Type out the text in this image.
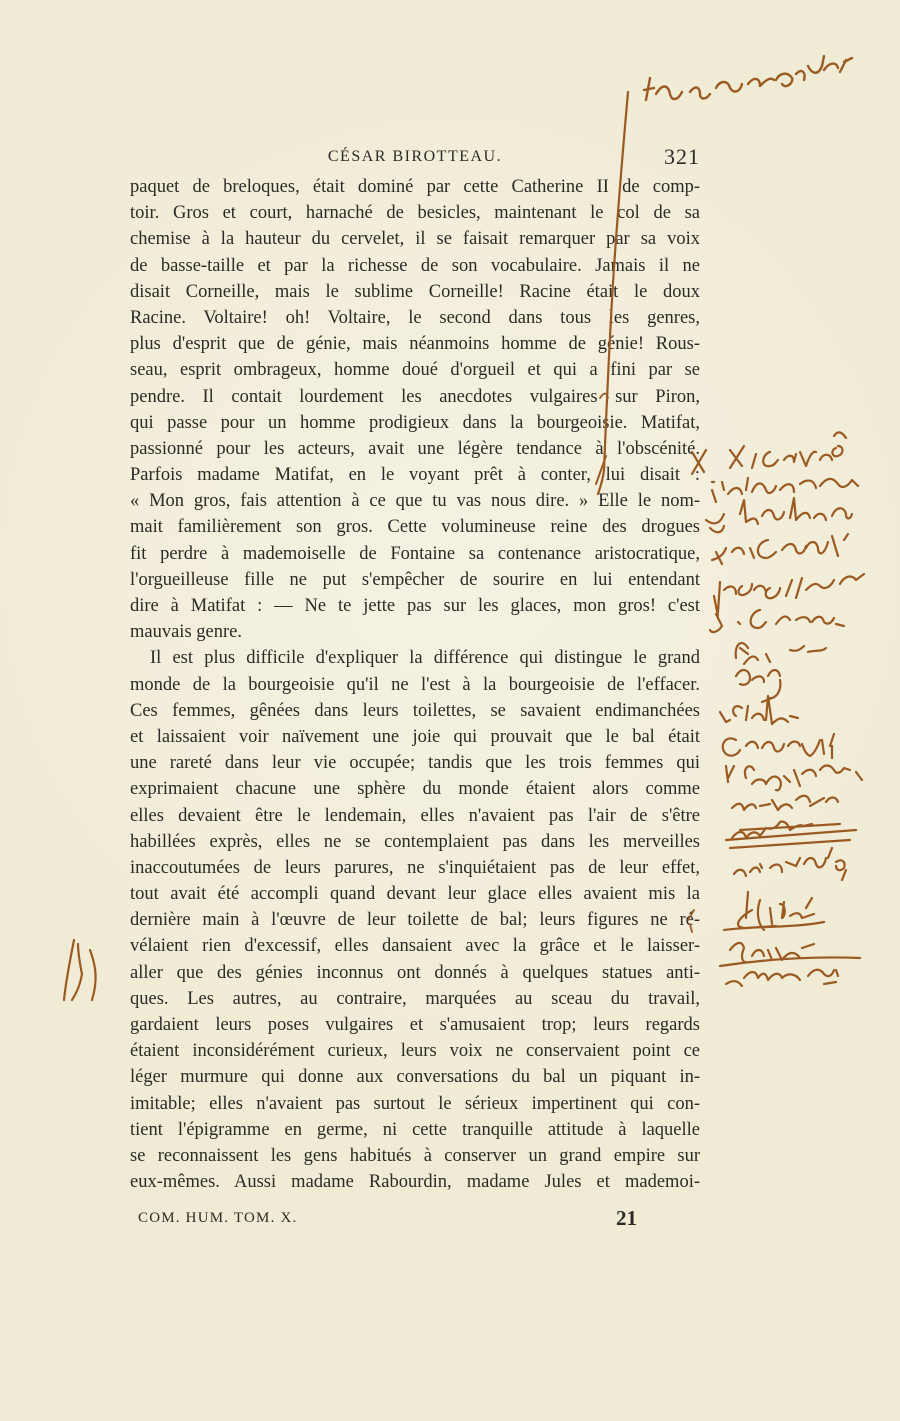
CÉSAR BIROTTEAU.	321
paquet de breloques, était dominé par cette Catherine II de comp-
toir. Gros et court, harnaché de besicles, maintenant le col de sa
chemise à la hauteur du cervelet, il se faisait remarquer par sa voix
de basse-taille et par la richesse de son vocabulaire. Jamais il ne
disait Corneille, mais le sublime Corneille! Racine était le doux
Racine. Voltaire! oh! Voltaire, le second dans tous les genres,
plus d'esprit que de génie, mais néanmoins homme de génie! Rous-
seau, esprit ombrageux, homme doué d'orgueil et qui a fini par se
pendre. Il contait lourdement les anecdotes vulgaires sur Piron,
qui passe pour un homme prodigieux dans la bourgeoisie. Matifat,
passionné pour les acteurs, avait une légère tendance à l'obscénité.
Parfois madame Matifat, en le voyant prêt à conter, lui disait :
« Mon gros, fais attention à ce que tu vas nous dire. » Elle le nom-
mait familièrement son gros. Cette volumineuse reine des drogues
fit perdre à mademoiselle de Fontaine sa contenance aristocratique,
l'orgueilleuse fille ne put s'empêcher de sourire en lui entendant
dire à Matifat : — Ne te jette pas sur les glaces, mon gros! c'est
mauvais genre.
Il est plus difficile d'expliquer la différence qui distingue le grand
monde de la bourgeoisie qu'il ne l'est à la bourgeoisie de l'effacer.
Ces femmes, gênées dans leurs toilettes, se savaient endimanchées
et laissaient voir naïvement une joie qui prouvait que le bal était
une rareté dans leur vie occupée; tandis que les trois femmes qui
exprimaient chacune une sphère du monde étaient alors comme
elles devaient être le lendemain, elles n'avaient pas l'air de s'être
habillées exprès, elles ne se contemplaient pas dans les merveilles
inaccoutumées de leurs parures, ne s'inquiétaient pas de leur effet,
tout avait été accompli quand devant leur glace elles avaient mis la
dernière main à l'œuvre de leur toilette de bal; leurs figures ne ré-
vélaient rien d'excessif, elles dansaient avec la grâce et le laisser-
aller que des génies inconnus ont donnés à quelques statues anti-
ques. Les autres, au contraire, marquées au sceau du travail,
gardaient leurs poses vulgaires et s'amusaient trop; leurs regards
étaient inconsidérément curieux, leurs voix ne conservaient point ce
léger murmure qui donne aux conversations du bal un piquant in-
imitable; elles n'avaient pas surtout le sérieux impertinent qui con-
tient l'épigramme en germe, ni cette tranquille attitude à laquelle
se reconnaissent les gens habitués à conserver un grand empire sur
eux-mêmes. Aussi madame Rabourdin, madame Jules et mademoi-
COM. HUM. TOM. X.	21
